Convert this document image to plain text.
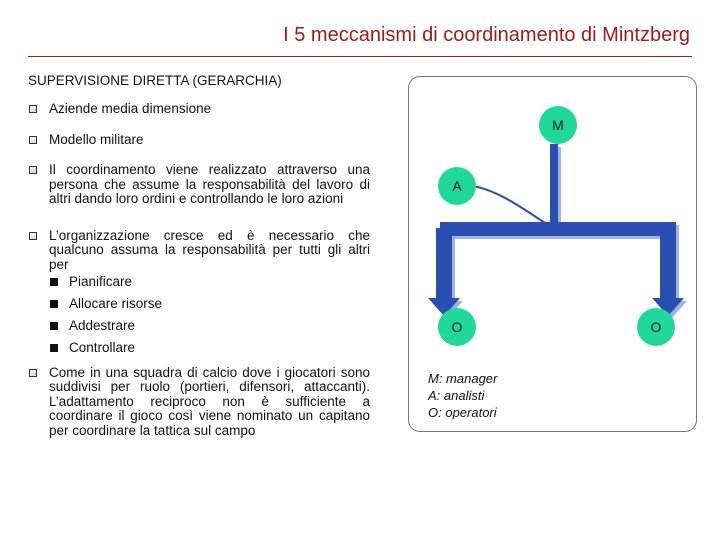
I 5 meccanismi di coordinamento di Mintzberg
SUPERVISIONE DIRETTA (GERARCHIA)
Aziende media dimensione
Modello militare
Il coordinamento viene realizzato attraverso una persona che assume la responsabilità del lavoro di altri dando loro ordini e controllando le loro azioni
L’organizzazione cresce ed è necessario che qualcuno assuma la responsabilità per tutti gli altri per
Pianificare
Allocare risorse
Addestrare
Controllare
Come in una squadra di calcio dove i giocatori sono suddivisi per ruolo (portieri, difensori, attaccanti). L’adattamento reciproco non è sufficiente a coordinare il gioco così viene nominato un capitano per coordinare la tattica sul campo
M
A
O	O
M: manager
A: analisti
O: operatori
